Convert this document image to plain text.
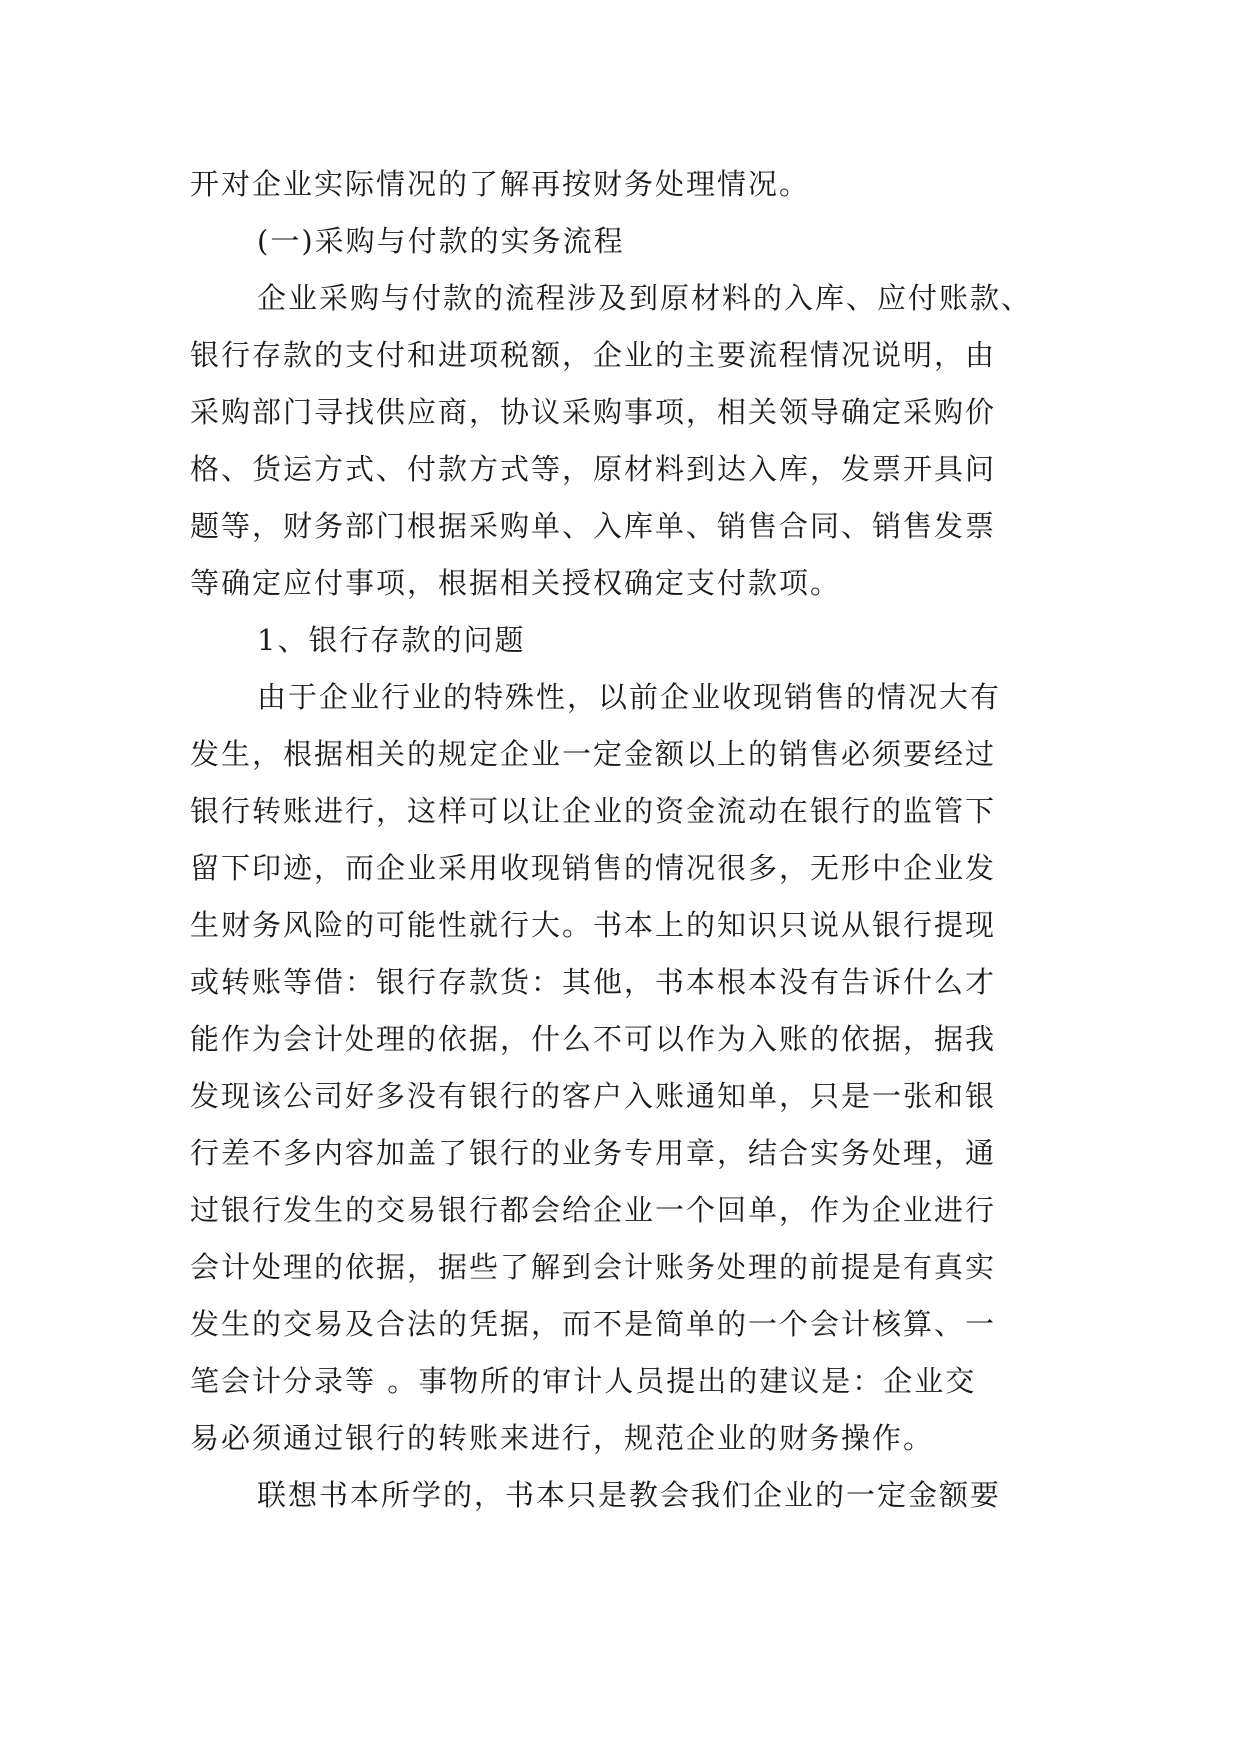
开对企业实际情况的了解再按财务处理情况。
(一)采购与付款的实务流程
企业采购与付款的流程涉及到原材料的入库、应付账款、
银行存款的支付和进项税额，企业的主要流程情况说明，由
采购部门寻找供应商，协议采购事项，相关领导确定采购价
格、货运方式、付款方式等，原材料到达入库，发票开具问
题等，财务部门根据采购单、入库单、销售合同、销售发票
等确定应付事项，根据相关授权确定支付款项。
1、银行存款的问题
由于企业行业的特殊性，以前企业收现销售的情况大有
发生，根据相关的规定企业一定金额以上的销售必须要经过
银行转账进行，这样可以让企业的资金流动在银行的监管下
留下印迹，而企业采用收现销售的情况很多，无形中企业发
生财务风险的可能性就行大。书本上的知识只说从银行提现
或转账等借：银行存款货：其他，书本根本没有告诉什么才
能作为会计处理的依据，什么不可以作为入账的依据，据我
发现该公司好多没有银行的客户入账通知单，只是一张和银
行差不多内容加盖了银行的业务专用章，结合实务处理，通
过银行发生的交易银行都会给企业一个回单，作为企业进行
会计处理的依据，据些了解到会计账务处理的前提是有真实
发生的交易及合法的凭据，而不是简单的一个会计核算、一
笔会计分录等 。事物所的审计人员提出的建议是：企业交
易必须通过银行的转账来进行，规范企业的财务操作。
联想书本所学的，书本只是教会我们企业的一定金额要
